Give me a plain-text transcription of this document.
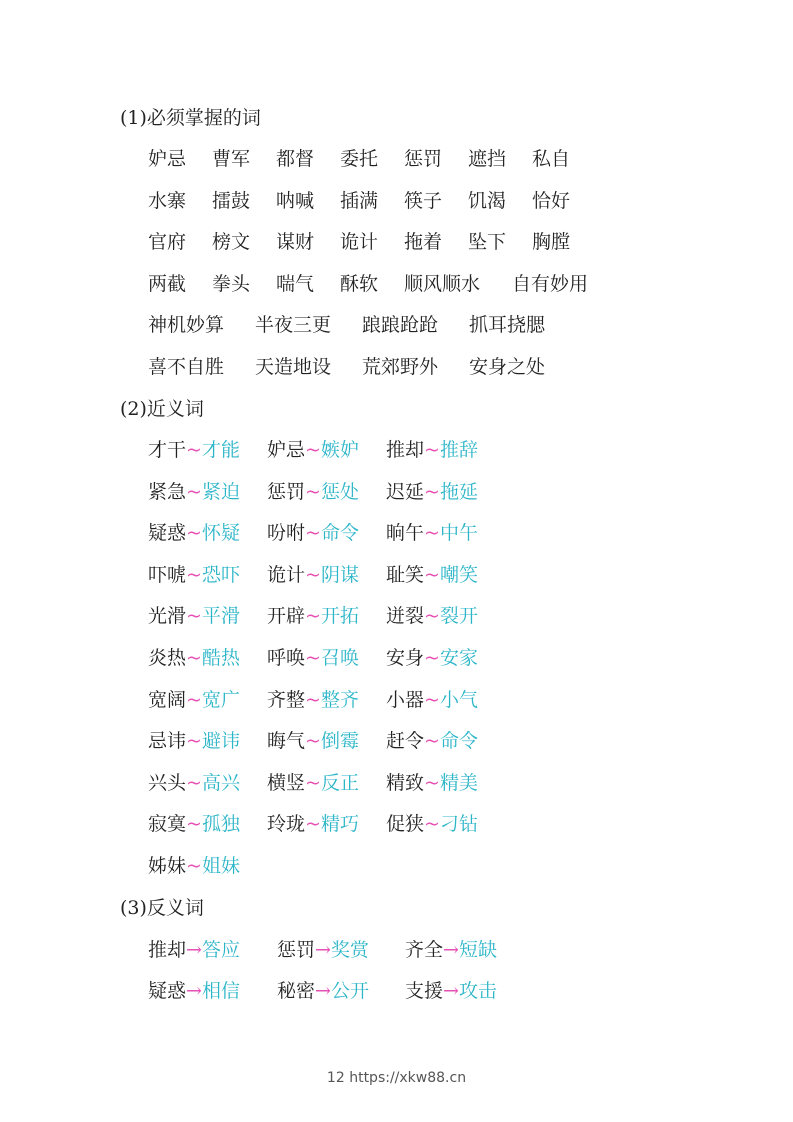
(1)必须掌握的词
妒忌 曹军 都督 委托 惩罚 遮挡 私自
水寨 擂鼓 呐喊 插满 筷子 饥渴 恰好
官府 榜文 谋财 诡计 拖着 坠下 胸膛
两截 拳头 喘气 酥软 顺风顺水 自有妙用
神机妙算 半夜三更 踉踉跄跄 抓耳挠腮
喜不自胜 天造地设 荒郊野外 安身之处
(2)近义词
才干~才能 妒忌~嫉妒 推却~推辞
紧急~紧迫 惩罚~惩处 迟延~拖延
疑惑~怀疑 吩咐~命令 晌午~中午
吓唬~恐吓 诡计~阴谋 耻笑~嘲笑
光滑~平滑 开辟~开拓 迸裂~裂开
炎热~酷热 呼唤~召唤 安身~安家
宽阔~宽广 齐整~整齐 小器~小气
忌讳~避讳 晦气~倒霉 赶令~命令
兴头~高兴 横竖~反正 精致~精美
寂寞~孤独 玲珑~精巧 促狭~刁钻
姊妹~姐妹
(3)反义词
推却→答应 惩罚→奖赏 齐全→短缺
疑惑→相信 秘密→公开 支援→攻击
12 https://xkw88.cn
